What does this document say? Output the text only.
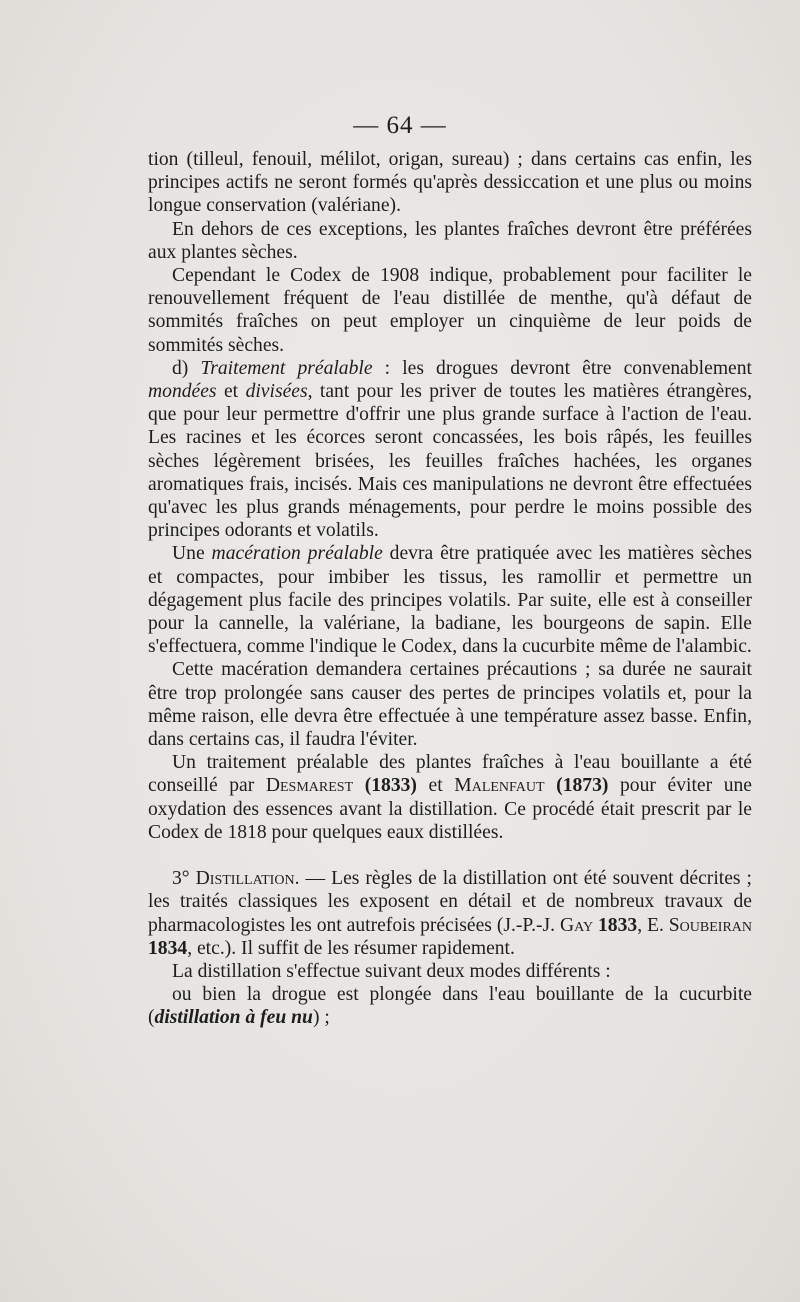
— 64 —

tion (tilleul, fenouil, mélilot, origan, sureau) ; dans certains cas enfin, les principes actifs ne seront formés qu'après dessiccation et une plus ou moins longue conservation (valériane).

En dehors de ces exceptions, les plantes fraîches devront être préférées aux plantes sèches.

Cependant le Codex de 1908 indique, probablement pour faciliter le renouvellement fréquent de l'eau distillée de menthe, qu'à défaut de sommités fraîches on peut employer un cinquième de leur poids de sommités sèches.

d) Traitement préalable : les drogues devront être convenablement mondées et divisées, tant pour les priver de toutes les matières étrangères, que pour leur permettre d'offrir une plus grande surface à l'action de l'eau. Les racines et les écorces seront concassées, les bois râpés, les feuilles sèches légèrement brisées, les feuilles fraîches hachées, les organes aromatiques frais, incisés. Mais ces manipulations ne devront être effectuées qu'avec les plus grands ménagements, pour perdre le moins possible des principes odorants et volatils.

Une macération préalable devra être pratiquée avec les matières sèches et compactes, pour imbiber les tissus, les ramollir et permettre un dégagement plus facile des principes volatils. Par suite, elle est à conseiller pour la cannelle, la valériane, la badiane, les bourgeons de sapin. Elle s'effectuera, comme l'indique le Codex, dans la cucurbite même de l'alambic.

Cette macération demandera certaines précautions ; sa durée ne saurait être trop prolongée sans causer des pertes de principes volatils et, pour la même raison, elle devra être effectuée à une température assez basse. Enfin, dans certains cas, il faudra l'éviter.

Un traitement préalable des plantes fraîches à l'eau bouillante a été conseillé par Desmarest (1833) et Malenfaut (1873) pour éviter une oxydation des essences avant la distillation. Ce procédé était prescrit par le Codex de 1818 pour quelques eaux distillées.

3° Distillation. — Les règles de la distillation ont été souvent décrites ; les traités classiques les exposent en détail et de nombreux travaux de pharmacologistes les ont autrefois précisées (J.-P.-J. Gay 1833, E. Soubeiran 1834, etc.). Il suffit de les résumer rapidement.

La distillation s'effectue suivant deux modes différents :

ou bien la drogue est plongée dans l'eau bouillante de la cucurbite (distillation à feu nu) ;
